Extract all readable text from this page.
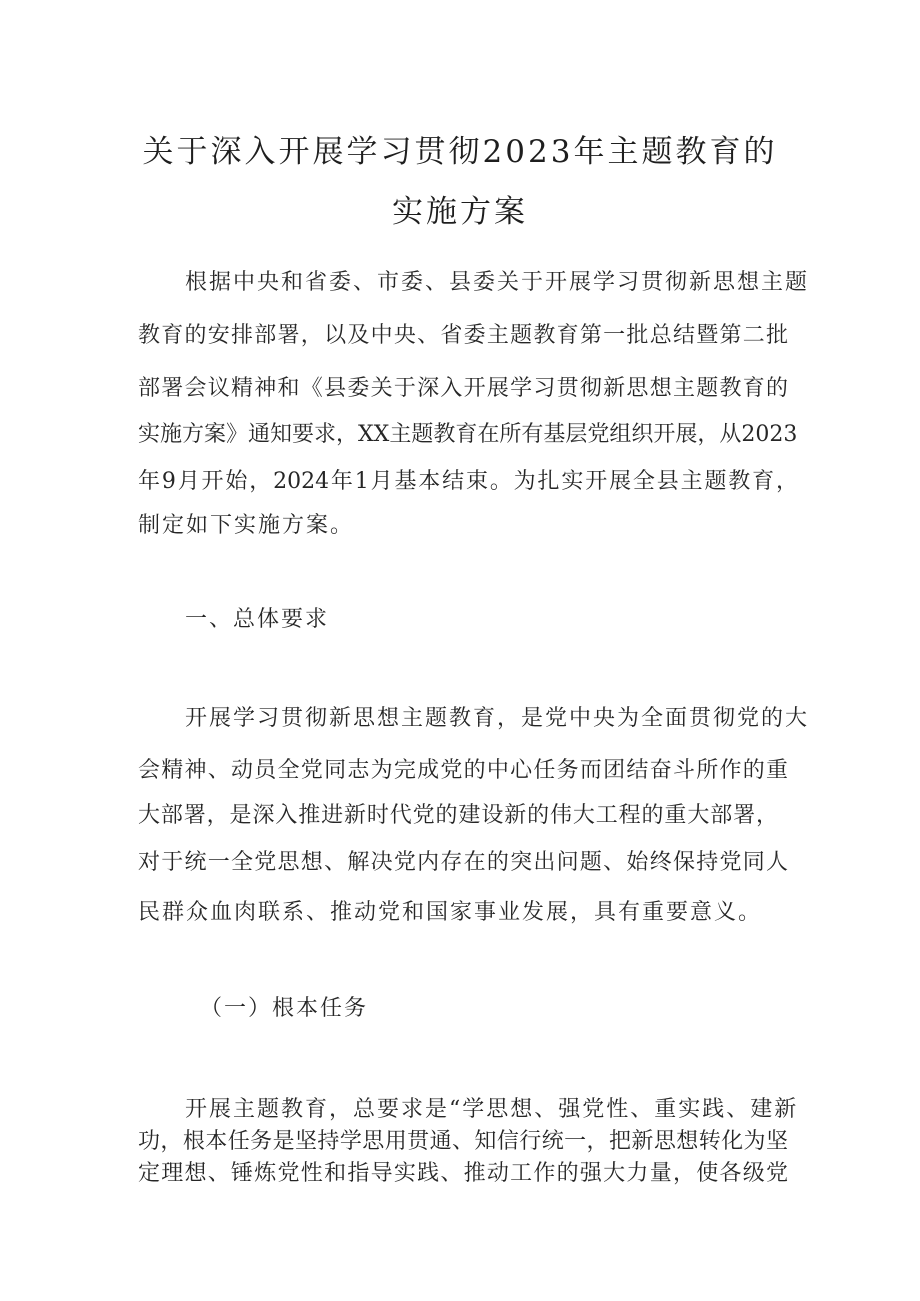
关于深入开展学习贯彻2023年主题教育的
实施方案
根据中央和省委、市委、县委关于开展学习贯彻新思想主题
教育的安排部署，以及中央、省委主题教育第一批总结暨第二批
部署会议精神和《县委关于深入开展学习贯彻新思想主题教育的
实施方案》通知要求，XX主题教育在所有基层党组织开展，从2023
年9月开始，2024年1月基本结束。为扎实开展全县主题教育，
制定如下实施方案。
一、总体要求
开展学习贯彻新思想主题教育，是党中央为全面贯彻党的大
会精神、动员全党同志为完成党的中心任务而团结奋斗所作的重
大部署，是深入推进新时代党的建设新的伟大工程的重大部署，
对于统一全党思想、解决党内存在的突出问题、始终保持党同人
民群众血肉联系、推动党和国家事业发展，具有重要意义。
（一）根本任务
开展主题教育，总要求是“学思想、强党性、重实践、建新
功，根本任务是坚持学思用贯通、知信行统一，把新思想转化为坚
定理想、锤炼党性和指导实践、推动工作的强大力量，使各级党
